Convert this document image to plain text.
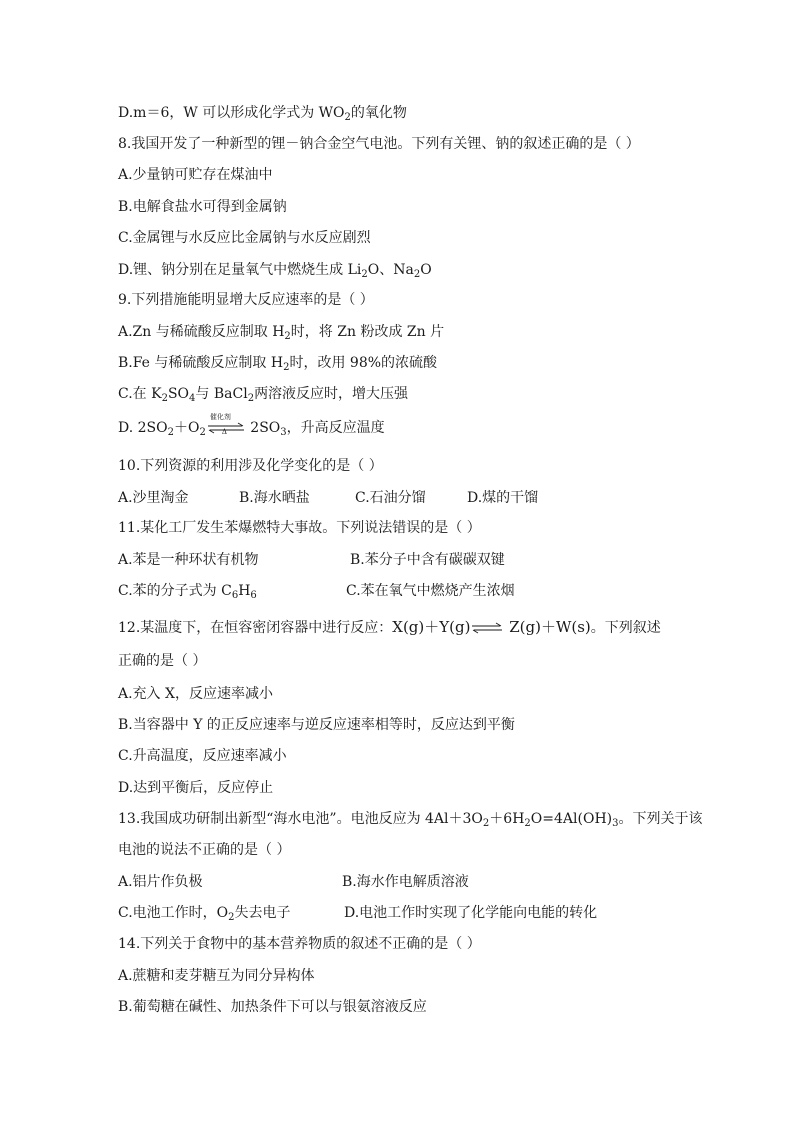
D.m＝6，W 可以形成化学式为 $WO_2$的氧化物
8.我国开发了一种新型的锂－钠合金空气电池。下列有关锂、钠的叙述正确的是（ ）
A.少量钠可贮存在煤油中
B.电解食盐水可得到金属钠
C.金属锂与水反应比金属钠与水反应剧烈
D.锂、钠分别在足量氧气中燃烧生成 $Li_2O$、$Na_2O$
9.下列措施能明显增大反应速率的是（ ）
A.Zn 与稀硫酸反应制取 $H_2$时，将 Zn 粉改成 Zn 片
B.Fe 与稀硫酸反应制取 $H_2$时，改用 98%的浓硫酸
C.在 $K_2SO_4$与 BaCl$_2$两溶液反应时，增大压强
D. $2SO_2+O_2$
催化剂
Δ $2SO_3$，升高反应温度
10.下列资源的利用涉及化学变化的是（ ）
A.沙里淘金	B.海水晒盐	C.石油分馏	D.煤的干馏
11.某化工厂发生苯爆燃特大事故。下列说法错误的是（ ）
A.苯是一种环状有机物	B.苯分子中含有碳碳双键
C.苯的分子式为 $C_6H_6$	C.苯在氧气中燃烧产生浓烟
12.某温度下，在恒容密闭容器中进行反应：X(g)＋Y(g)⇌ Z(g)＋W(s)。下列叙述
正确的是（ ）
A.充入 X，反应速率减小
B.当容器中 Y 的正反应速率与逆反应速率相等时，反应达到平衡
C.升高温度，反应速率减小
D.达到平衡后，反应停止
13.我国成功研制出新型“海水电池”。电池反应为 $4Al+3O_2+6H_2O=4Al(OH)_3$。下列关于该
电池的说法不正确的是（ ）
A.铝片作负极	B.海水作电解质溶液
C.电池工作时，$O_2$失去电子	D.电池工作时实现了化学能向电能的转化
14.下列关于食物中的基本营养物质的叙述不正确的是（ ）
A.蔗糖和麦芽糖互为同分异构体
B.葡萄糖在碱性、加热条件下可以与银氨溶液反应
